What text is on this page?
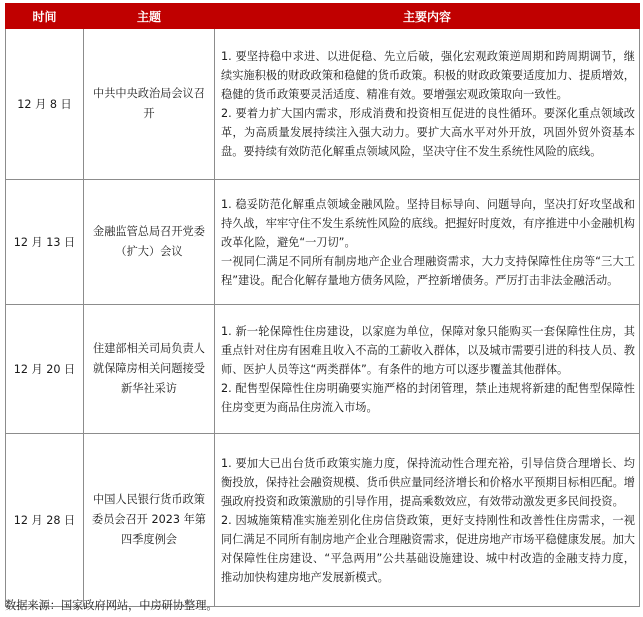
时间	主题	主要内容
12 月 8 日	中共中央政治局会议召开	1. 要坚持稳中求进、以进促稳、先立后破，强化宏观政策逆周期和跨周期调节，继续实施积极的财政政策和稳健的货币政策。积极的财政政策要适度加力、提质增效，稳健的货币政策要灵活适度、精准有效。要增强宏观政策取向一致性。

2. 要着力扩大国内需求，形成消费和投资相互促进的良性循环。要深化重点领域改革，为高质量发展持续注入强大动力。要扩大高水平对外开放，巩固外贸外资基本盘。要持续有效防范化解重点领域风险，坚决守住不发生系统性风险的底线。

12 月 13 日	金融监管总局召开党委（扩大）会议	1. 稳妥防范化解重点领域金融风险。坚持目标导向、问题导向，坚决打好攻坚战和持久战，牢牢守住不发生系统性风险的底线。把握好时度效，有序推进中小金融机构改革化险，避免“一刀切”。

一视同仁满足不同所有制房地产企业合理融资需求，大力支持保障性住房等“三大工程”建设。配合化解存量地方债务风险，严控新增债务。严厉打击非法金融活动。

12 月 20 日	住建部相关司局负责人就保障房相关问题接受新华社采访	1. 新一轮保障性住房建设，以家庭为单位，保障对象只能购买一套保障性住房，其重点针对住房有困难且收入不高的工薪收入群体，以及城市需要引进的科技人员、教师、医护人员等这“两类群体”。有条件的地方可以逐步覆盖其他群体。

2. 配售型保障性住房明确要实施严格的封闭管理，禁止违规将新建的配售型保障性住房变更为商品住房流入市场。

12 月 28 日	中国人民银行货币政策委员会召开 2023 年第四季度例会	1. 要加大已出台货币政策实施力度，保持流动性合理充裕，引导信贷合理增长、均衡投放，保持社会融资规模、货币供应量同经济增长和价格水平预期目标相匹配。增强政府投资和政策激励的引导作用，提高乘数效应，有效带动激发更多民间投资。

2. 因城施策精准实施差别化住房信贷政策，更好支持刚性和改善性住房需求，一视同仁满足不同所有制房地产企业合理融资需求，促进房地产市场平稳健康发展。加大对保障性住房建设、“平急两用”公共基础设施建设、城中村改造的金融支持力度，推动加快构建房地产发展新模式。

数据来源：国家政府网站，中房研协整理。
